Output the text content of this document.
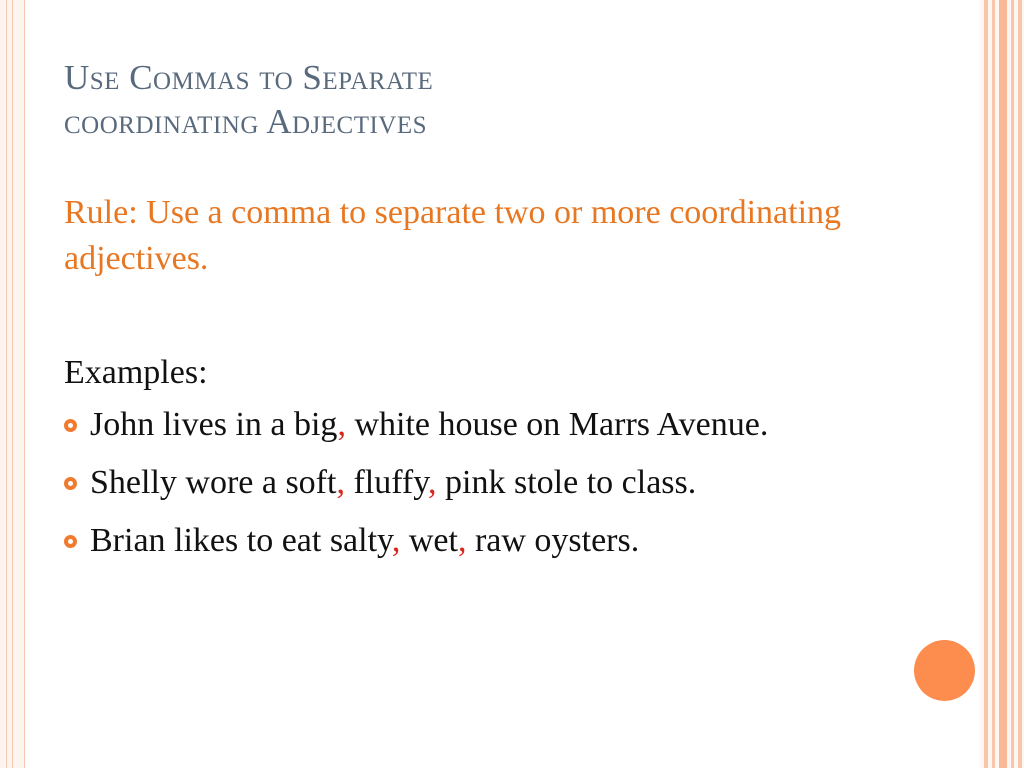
Use Commas to Separate
coordinating Adjectives
Rule: Use a comma to separate two or more coordinating adjectives.
Examples:
John lives in a big, white house on Marrs Avenue.
Shelly wore a soft, fluffy, pink stole to class.
Brian likes to eat salty, wet, raw oysters.
